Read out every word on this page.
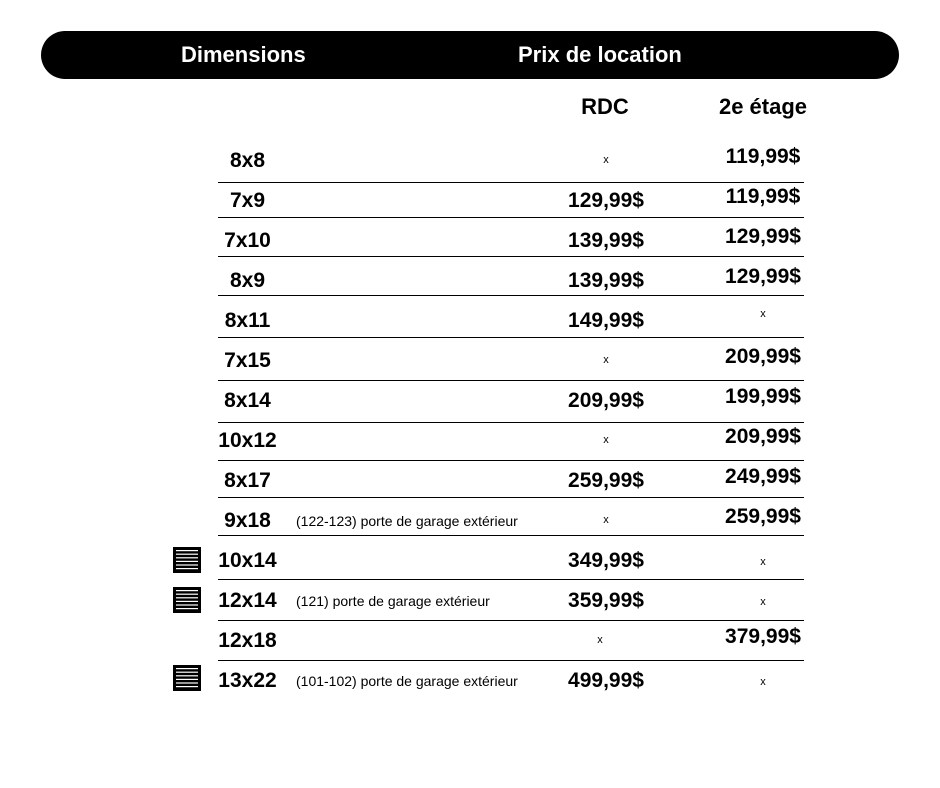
Dimensions	Prix de location
RDC	2e étage
8x8	x	119,99$
7x9	129,99$	119,99$
7x10	139,99$	129,99$
8x9	139,99$	129,99$
8x11	149,99$	x
7x15	x	209,99$
8x14	209,99$	199,99$
10x12	x	209,99$
8x17	259,99$	249,99$
9x18	(122-123) porte de garage extérieur	x	259,99$
10x14	349,99$	x
12x14	(121) porte de garage extérieur	359,99$	x
12x18	x	379,99$
13x22	(101-102) porte de garage extérieur	499,99$	x
